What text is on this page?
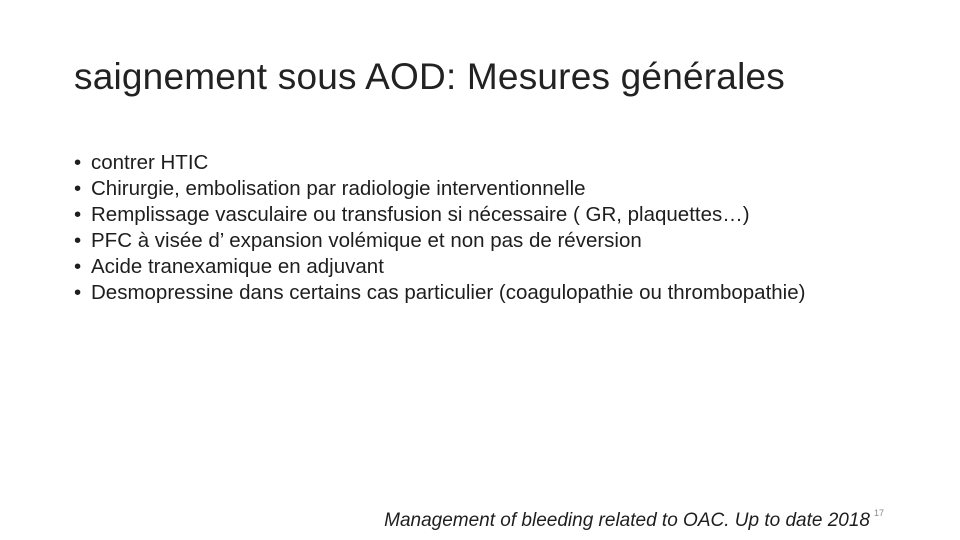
saignement sous AOD: Mesures générales
• contrer HTIC
• Chirurgie, embolisation par radiologie interventionnelle
• Remplissage vasculaire ou transfusion si nécessaire ( GR, plaquettes…)
• PFC à visée d’ expansion volémique et non pas de réversion
• Acide tranexamique en adjuvant
• Desmopressine dans certains cas particulier (coagulopathie ou thrombopathie)
Management of bleeding related to OAC. Up to date 2018 17
